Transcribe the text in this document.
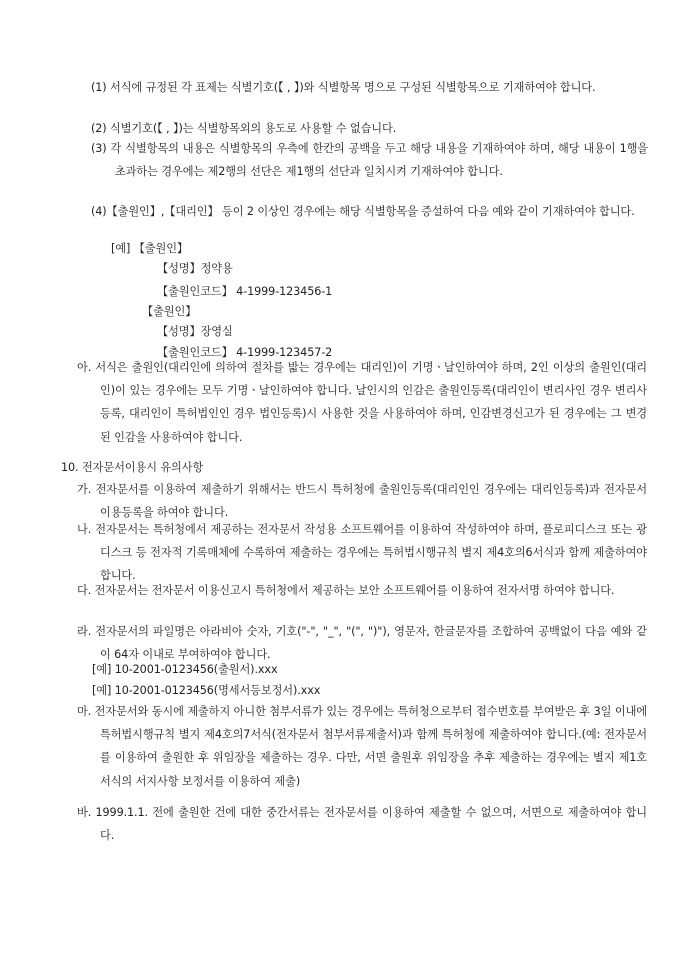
(1) 서식에 규정된 각 표제는 식별기호(【 , 】)와 식별항목 명으로 구성된 식별항목으로 기재하여야 합니다.
(2) 식별기호(【 , 】)는 식별항목외의 용도로 사용할 수 없습니다.
(3) 각 식별항목의 내용은 식별항목의 우측에 한칸의 공백을 두고 해당 내용을 기재하여야 하며, 해당 내용이 1행을 초과하는 경우에는 제2행의 선단은 제1행의 선단과 일치시켜 기재하여야 합니다.
(4)【출원인】,【대리인】 등이 2 이상인 경우에는 해당 식별항목을 증설하여 다음 예와 같이 기재하여야 합니다.
[예] 【출원인】
【성명】정약용
【출원인코드】 4-1999-123456-1
【출원인】
【성명】장영실
【출원인코드】 4-1999-123457-2
아. 서식은 출원인(대리인에 의하여 절차를 밟는 경우에는 대리인)이 기명ㆍ날인하여야 하며, 2인 이상의 출원인(대리인)이 있는 경우에는 모두 기명ㆍ날인하여야 합니다. 날인시의 인감은 출원인등록(대리인이 변리사인 경우 변리사등록, 대리인이 특허법인인 경우 법인등록)시 사용한 것을 사용하여야 하며, 인감변경신고가 된 경우에는 그 변경된 인감을 사용하여야 합니다.
10. 전자문서이용시 유의사항
가. 전자문서를 이용하여 제출하기 위해서는 반드시 특허청에 출원인등록(대리인인 경우에는 대리인등록)과 전자문서이용등록을 하여야 합니다.
나. 전자문서는 특허청에서 제공하는 전자문서 작성용 소프트웨어를 이용하여 작성하여야 하며, 플로피디스크 또는 광디스크 등 전자적 기록매체에 수록하여 제출하는 경우에는 특허법시행규칙 별지 제4호의6서식과 함께 제출하여야 합니다.
다. 전자문서는 전자문서 이용신고시 특허청에서 제공하는 보안 소프트웨어를 이용하여 전자서명 하여야 합니다.
라. 전자문서의 파일명은 아라비아 숫자, 기호("-", "_", "(", ")"), 영문자, 한글문자를 조합하여 공백없이 다음 예와 같이 64자 이내로 부여하여야 합니다.
[예] 10-2001-0123456(출원서).xxx
[예] 10-2001-0123456(명세서등보정서).xxx
마. 전자문서와 동시에 제출하지 아니한 첨부서류가 있는 경우에는 특허청으로부터 접수번호를 부여받은 후 3일 이내에 특허법시행규칙 별지 제4호의7서식(전자문서 첨부서류제출서)과 함께 특허청에 제출하여야 합니다.(예: 전자문서를 이용하여 출원한 후 위임장을 제출하는 경우. 다만, 서면 출원후 위임장을 추후 제출하는 경우에는 별지 제1호서식의 서지사항 보정서를 이용하여 제출)
바. 1999.1.1. 전에 출원한 건에 대한 중간서류는 전자문서를 이용하여 제출할 수 없으며, 서면으로 제출하여야 합니다.
